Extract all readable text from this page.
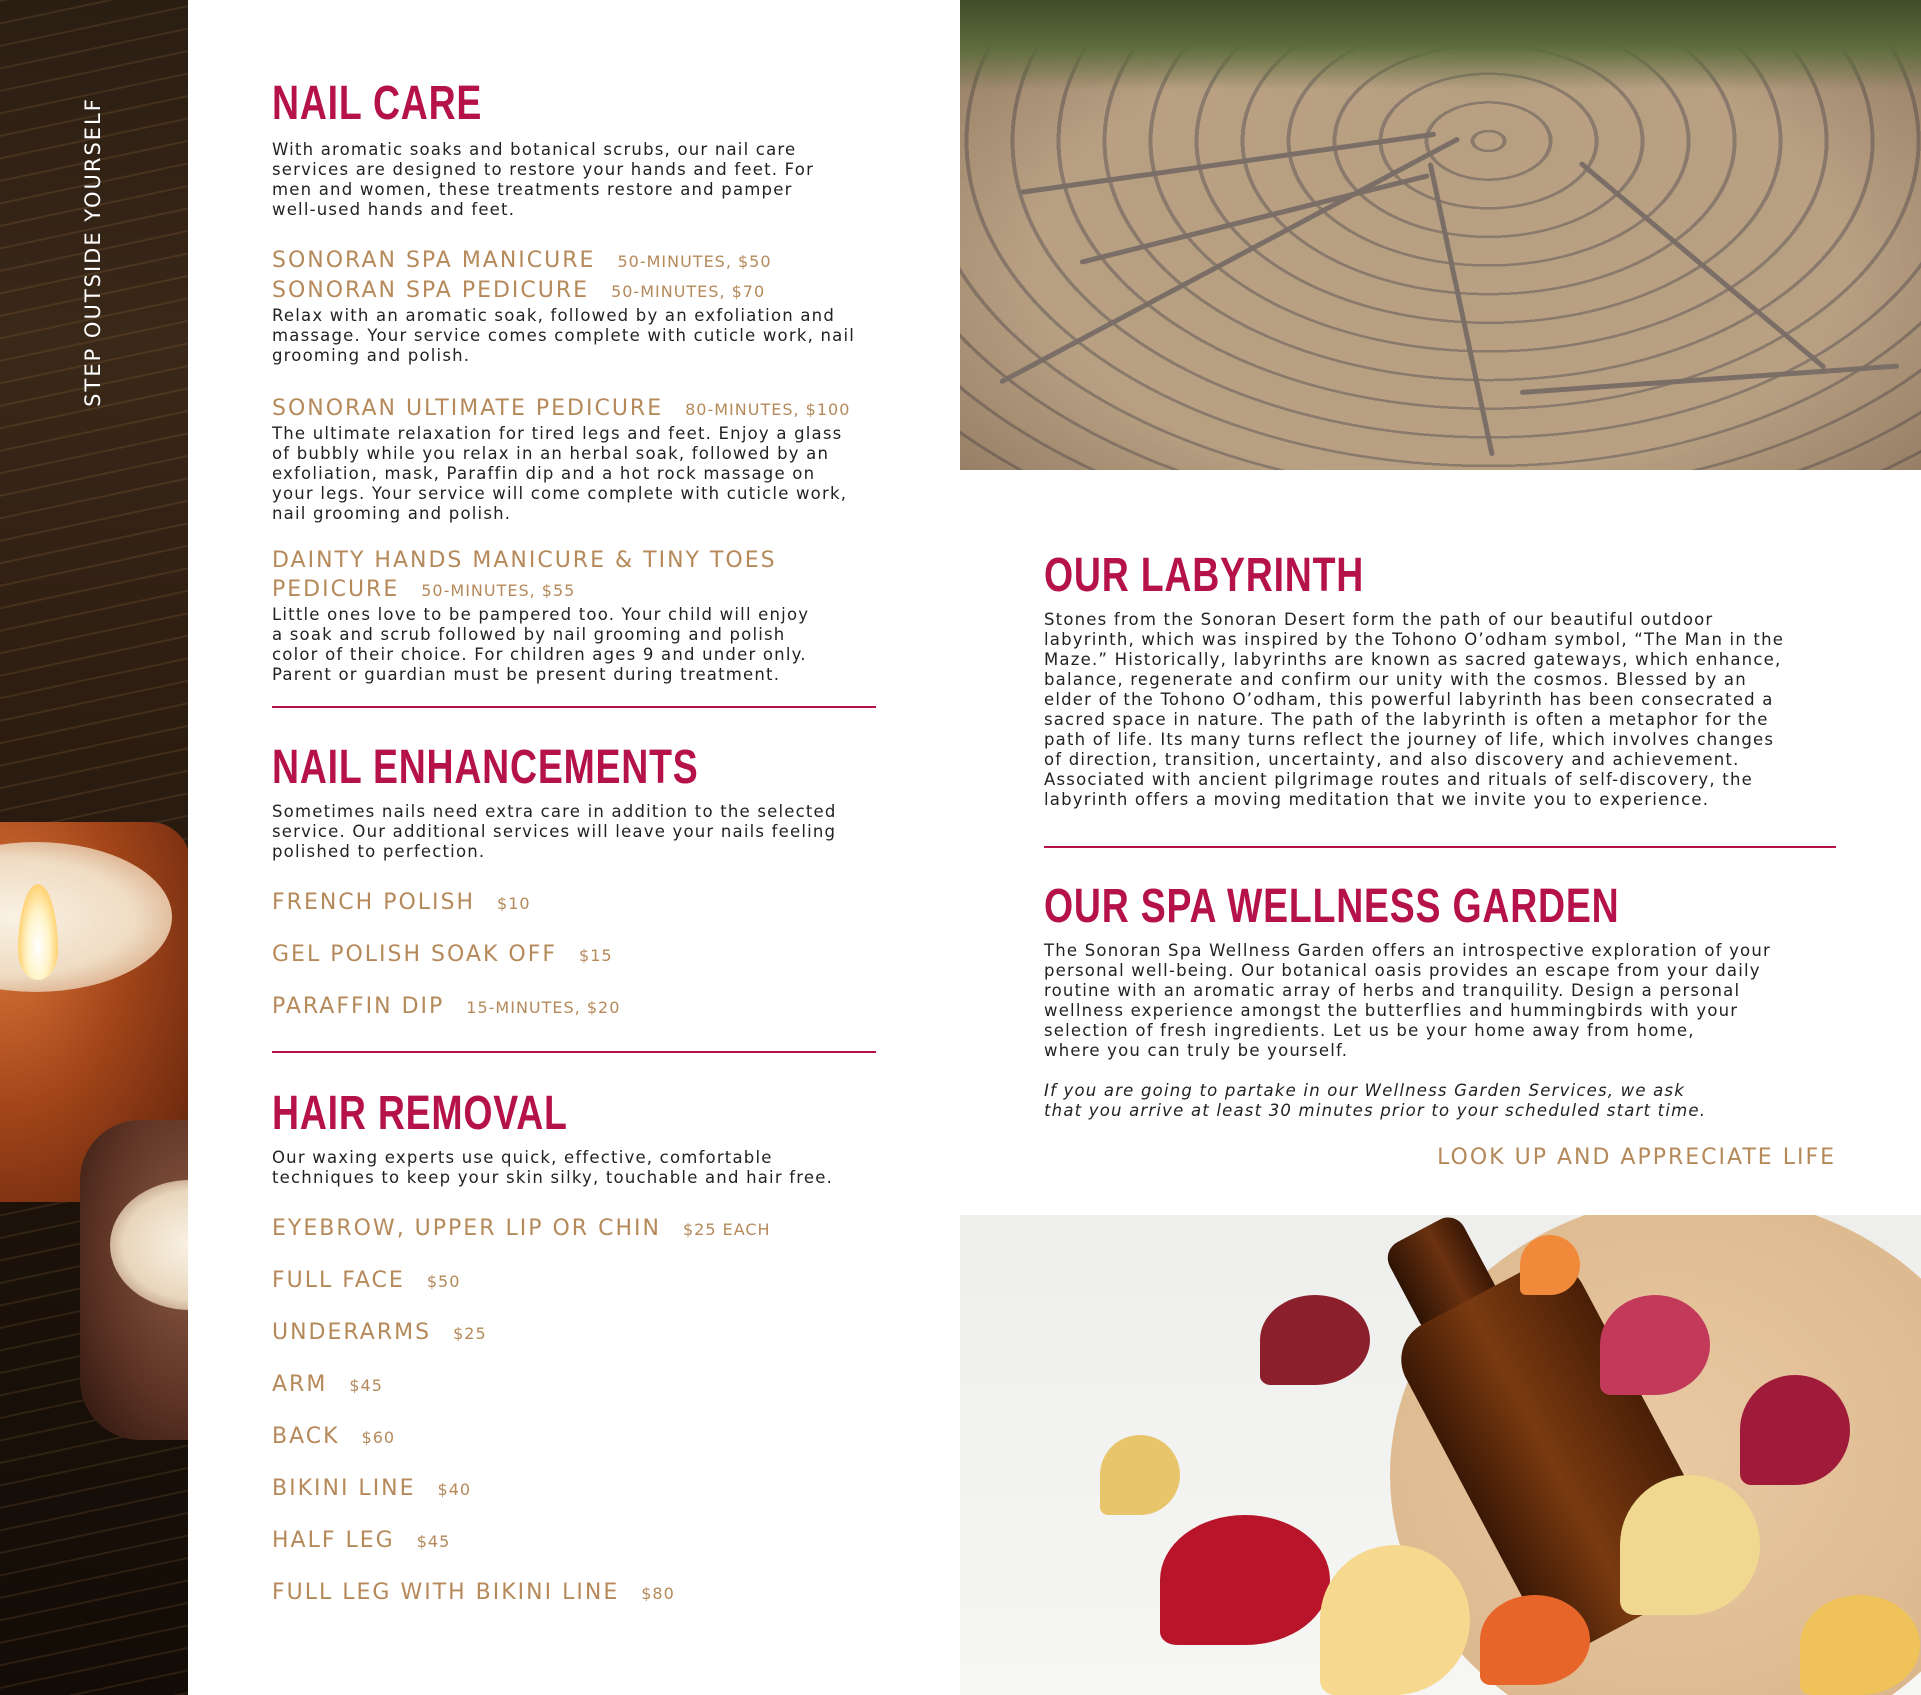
STEP OUTSIDE YOURSELF	NAIL CARE

With aromatic soaks and botanical scrubs, our nail care
services are designed to restore your hands and feet. For
men and women, these treatments restore and pamper
well-used hands and feet.

SONORAN SPA MANICURE 50-MINUTES, $50

SONORAN SPA PEDICURE 50-MINUTES, $70

Relax with an aromatic soak, followed by an exfoliation and
massage. Your service comes complete with cuticle work, nail
grooming and polish.

SONORAN ULTIMATE PEDICURE 80-MINUTES, $100

The ultimate relaxation for tired legs and feet. Enjoy a glass
of bubbly while you relax in an herbal soak, followed by an
exfoliation, mask, Paraffin dip and a hot rock massage on
your legs. Your service will come complete with cuticle work,
nail grooming and polish.

DAINTY HANDS MANICURE & TINY TOES

PEDICURE 50-MINUTES, $55

Little ones love to be pampered too. Your child will enjoy
a soak and scrub followed by nail grooming and polish
color of their choice. For children ages 9 and under only.
Parent or guardian must be present during treatment.

NAIL ENHANCEMENTS

Sometimes nails need extra care in addition to the selected
service. Our additional services will leave your nails feeling
polished to perfection.

FRENCH POLISH $10

GEL POLISH SOAK OFF $15

PARAFFIN DIP 15-MINUTES, $20

HAIR REMOVAL

Our waxing experts use quick, effective, comfortable
techniques to keep your skin silky, touchable and hair free.

EYEBROW, UPPER LIP OR CHIN $25 EACH

FULL FACE $50

UNDERARMS $25

ARM $45

BACK $60

BIKINI LINE $40

HALF LEG $45

FULL LEG WITH BIKINI LINE $80

OUR LABYRINTH

Stones from the Sonoran Desert form the path of our beautiful outdoor
labyrinth, which was inspired by the Tohono O’odham symbol, “The Man in the
Maze.” Historically, labyrinths are known as sacred gateways, which enhance,
balance, regenerate and confirm our unity with the cosmos. Blessed by an
elder of the Tohono O’odham, this powerful labyrinth has been consecrated a
sacred space in nature. The path of the labyrinth is often a metaphor for the
path of life. Its many turns reflect the journey of life, which involves changes
of direction, transition, uncertainty, and also discovery and achievement.
Associated with ancient pilgrimage routes and rituals of self-discovery, the
labyrinth offers a moving meditation that we invite you to experience.

OUR SPA WELLNESS GARDEN

The Sonoran Spa Wellness Garden offers an introspective exploration of your
personal well-being. Our botanical oasis provides an escape from your daily
routine with an aromatic array of herbs and tranquility. Design a personal
wellness experience amongst the butterflies and hummingbirds with your
selection of fresh ingredients. Let us be your home away from home,
where you can truly be yourself.

If you are going to partake in our Wellness Garden Services, we ask
that you arrive at least 30 minutes prior to your scheduled start time.

LOOK UP AND APPRECIATE LIFE
